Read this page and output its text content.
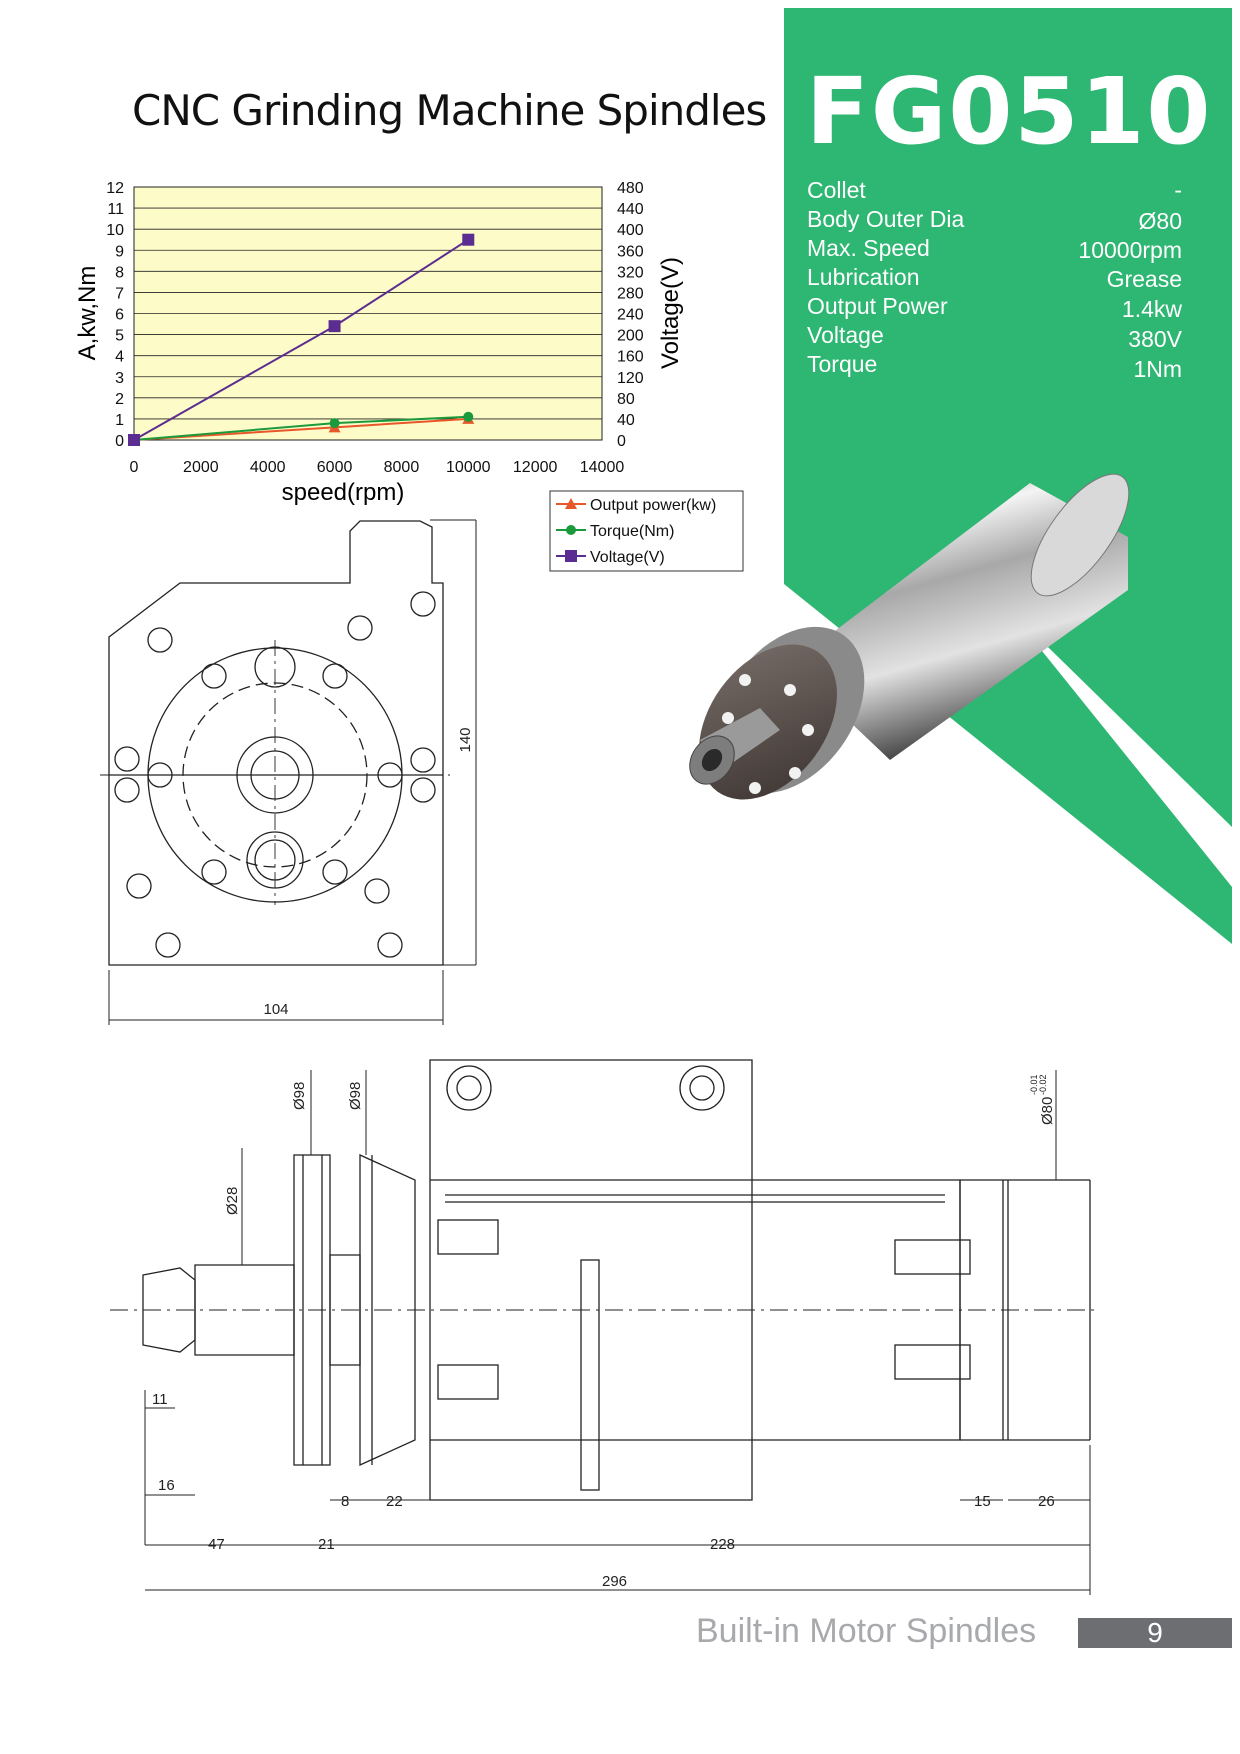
0
1
2
3
4
5
6
7
8
9
10
11
12
0
40
80
120
160
200
240
280
320
360
400
440
480
0	2000 4000 6000 8000 10000 12000 14000
A,kw,Nm	Voltage(V)
speed(rpm)	Output power(kw)
Torque(Nm)
Voltage(V)
140
104
Ø98	Ø98
Ø28
Ø80
-0.01 -0.02
11
16
8 22	15	26
47	21	228
296
CNC Grinding Machine Spindles FG0510
Collet	-
Body Outer Dia	Ø80
Max. Speed	10000rpm
Lubrication	Grease
Output Power	1.4kw
Voltage	380V
Torque	1Nm
Built-in Motor Spindles	9
